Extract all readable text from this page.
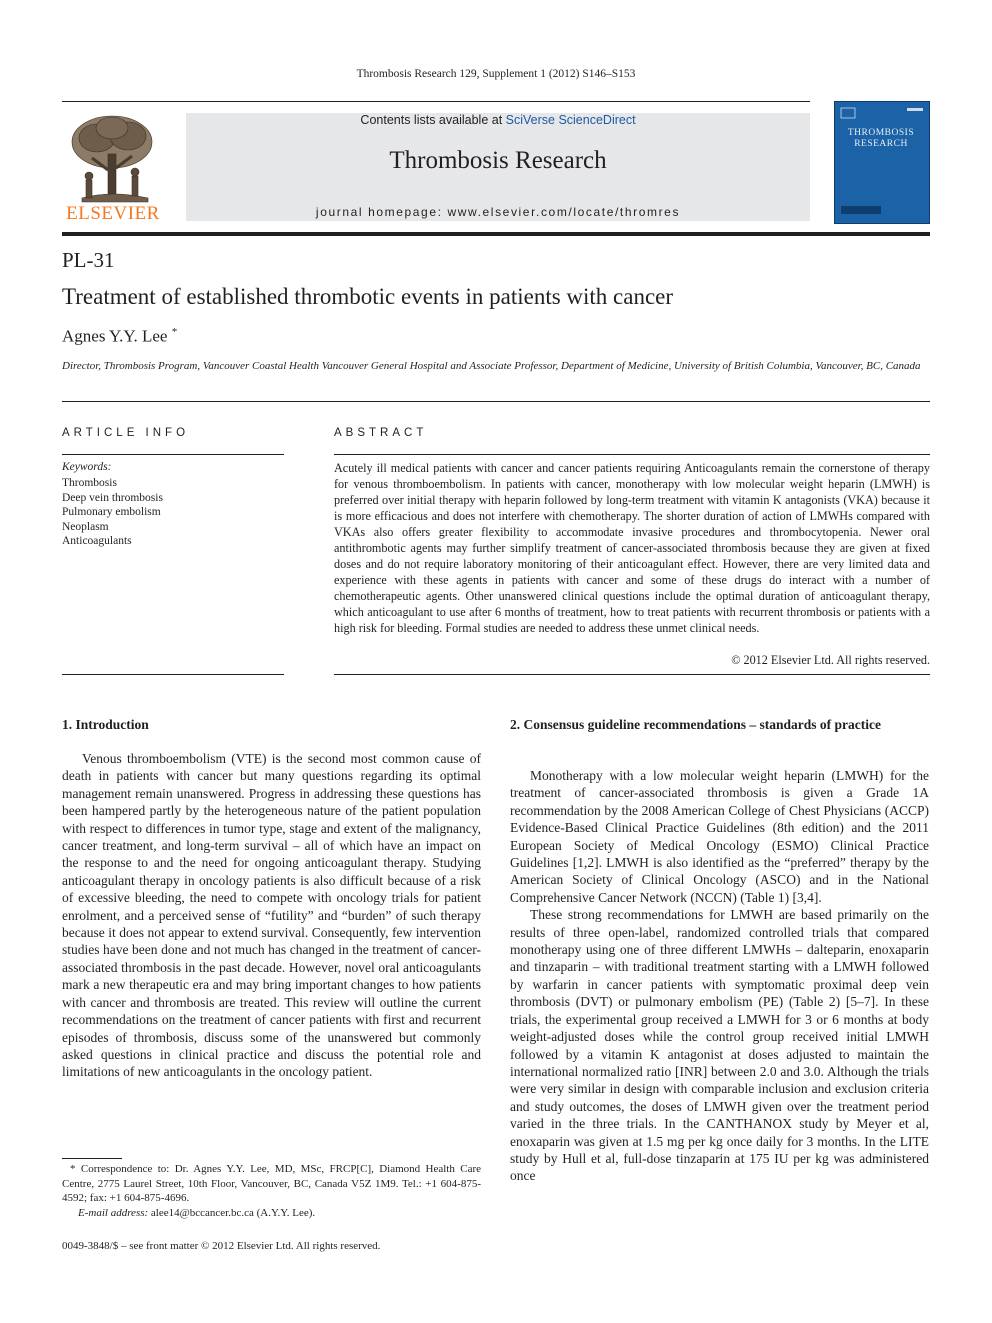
Thrombosis Research 129, Supplement 1 (2012) S146–S153
ELSEVIER
Contents lists available at SciVerse ScienceDirect
Thrombosis Research
journal homepage: www.elsevier.com/locate/thromres
THROMBOSIS
RESEARCH
PL-31
Treatment of established thrombotic events in patients with cancer
Agnes Y.Y. Lee *
Director, Thrombosis Program, Vancouver Coastal Health Vancouver General Hospital and Associate Professor, Department of Medicine, University of British Columbia, Vancouver, BC, Canada
ARTICLE INFO	ABSTRACT
Keywords:
Thrombosis
Deep vein thrombosis
Pulmonary embolism
Neoplasm
Anticoagulants
Acutely ill medical patients with cancer and cancer patients requiring Anticoagulants remain the cornerstone of therapy for venous thromboembolism. In patients with cancer, monotherapy with low molecular weight heparin (LMWH) is preferred over initial therapy with heparin followed by long-term treatment with vitamin K antagonists (VKA) because it is more efficacious and does not interfere with chemotherapy. The shorter duration of action of LMWHs compared with VKAs also offers greater flexibility to accommodate invasive procedures and thrombocytopenia. Newer oral antithrombotic agents may further simplify treatment of cancer-associated thrombosis because they are given at fixed doses and do not require laboratory monitoring of their anticoagulant effect. However, there are very limited data and experience with these agents in patients with cancer and some of these drugs do interact with a number of chemotherapeutic agents. Other unanswered clinical questions include the optimal duration of anticoagulant therapy, which anticoagulant to use after 6 months of treatment, how to treat patients with recurrent thrombosis or patients with a high risk for bleeding. Formal studies are needed to address these unmet clinical needs.
© 2012 Elsevier Ltd. All rights reserved.
1. Introduction

Venous thromboembolism (VTE) is the second most common cause of death in patients with cancer but many questions regarding its optimal management remain unanswered. Progress in addressing these questions has been hampered partly by the heterogeneous nature of the patient population with respect to differences in tumor type, stage and extent of the malignancy, cancer treatment, and long-term survival – all of which have an impact on the response to and the need for ongoing anticoagulant therapy. Studying anticoagulant therapy in oncology patients is also difficult because of a risk of excessive bleeding, the need to compete with oncology trials for patient enrolment, and a perceived sense of “futility” and “burden” of such therapy because it does not appear to extend survival. Consequently, few intervention studies have been done and not much has changed in the treatment of cancer-associated thrombosis in the past decade. However, novel oral anticoagulants mark a new therapeutic era and may bring important changes to how patients with cancer and thrombosis are treated. This review will outline the current recommendations on the treatment of cancer patients with first and recurrent episodes of thrombosis, discuss some of the unanswered but commonly asked questions in clinical practice and discuss the potential role and limitations of new anticoagulants in the oncology patient.

2. Consensus guideline recommendations – standards of practice

Monotherapy with a low molecular weight heparin (LMWH) for the treatment of cancer-associated thrombosis is given a Grade 1A recommendation by the 2008 American College of Chest Physicians (ACCP) Evidence-Based Clinical Practice Guidelines (8th edition) and the 2011 European Society of Medical Oncology (ESMO) Clinical Practice Guidelines [1,2]. LMWH is also identified as the “preferred” therapy by the American Society of Clinical Oncology (ASCO) and in the National Comprehensive Cancer Network (NCCN) (Table 1) [3,4].

These strong recommendations for LMWH are based primarily on the results of three open-label, randomized controlled trials that compared monotherapy using one of three different LMWHs – dalteparin, enoxaparin and tinzaparin – with traditional treatment starting with a LMWH followed by warfarin in cancer patients with symptomatic proximal deep vein thrombosis (DVT) or pulmonary embolism (PE) (Table 2) [5–7]. In these trials, the experimental group received a LMWH for 3 or 6 months at body weight-adjusted doses while the control group received initial LMWH followed by a vitamin K antagonist at doses adjusted to maintain the international normalized ratio [INR] between 2.0 and 3.0. Although the trials were very similar in design with comparable inclusion and exclusion criteria and study outcomes, the doses of LMWH given over the treatment period varied in the three trials. In the CANTHANOX study by Meyer et al, enoxaparin was given at 1.5 mg per kg once daily for 3 months. In the LITE study by Hull et al, full-dose tinzaparin at 175 IU per kg was administered once

* Correspondence to: Dr. Agnes Y.Y. Lee, MD, MSc, FRCP[C], Diamond Health Care Centre, 2775 Laurel Street, 10th Floor, Vancouver, BC, Canada V5Z 1M9. Tel.: +1 604-875-4592; fax: +1 604-875-4696.
E-mail address: alee14@bccancer.bc.ca (A.Y.Y. Lee).
0049-3848/$ – see front matter © 2012 Elsevier Ltd. All rights reserved.
